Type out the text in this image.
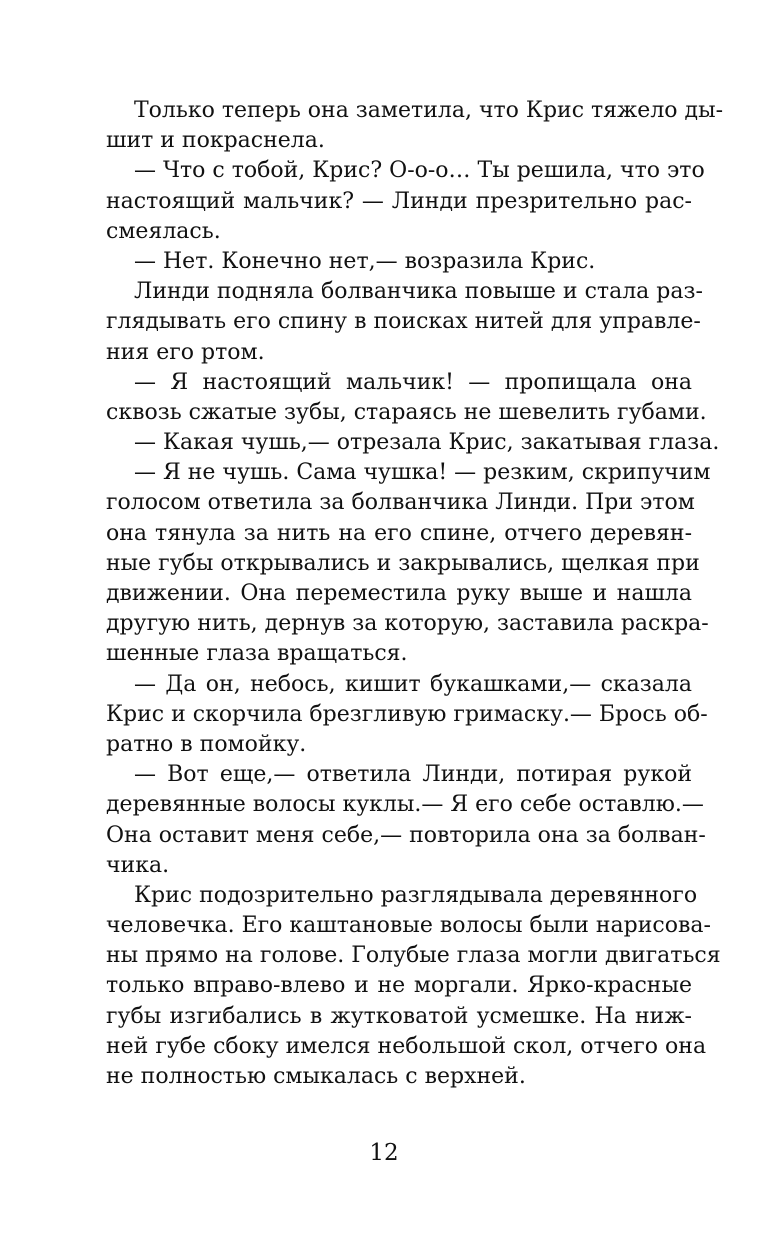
Только теперь она заметила, что Крис тяжело ды-
шит и покраснела.
— Что с тобой, Крис? О-о-о… Ты решила, что это
настоящий мальчик? — Линди презрительно рас-
смеялась.
— Нет. Конечно нет,— возразила Крис.
Линди подняла болванчика повыше и стала раз-
глядывать его спину в поисках нитей для управле-
ния его ртом.
— Я настоящий мальчик! — пропищала она
сквозь сжатые зубы, стараясь не шевелить губами.
— Какая чушь,— отрезала Крис, закатывая глаза.
— Я не чушь. Сама чушка! — резким, скрипучим
голосом ответила за болванчика Линди. При этом
она тянула за нить на его спине, отчего деревян-
ные губы открывались и закрывались, щелкая при
движении. Она переместила руку выше и нашла
другую нить, дернув за которую, заставила раскра-
шенные глаза вращаться.
— Да он, небось, кишит букашками,— сказала
Крис и скорчила брезгливую гримаску.— Брось об-
ратно в помойку.
— Вот еще,— ответила Линди, потирая рукой
деревянные волосы куклы.— Я его себе оставлю.—
Она оставит меня себе,— повторила она за болван-
чика.
Крис подозрительно разглядывала деревянного
человечка. Его каштановые волосы были нарисова-
ны прямо на голове. Голубые глаза могли двигаться
только вправо-влево и не моргали. Ярко-красные
губы изгибались в жутковатой усмешке. На ниж-
ней губе сбоку имелся небольшой скол, отчего она
не полностью смыкалась с верхней.
12
